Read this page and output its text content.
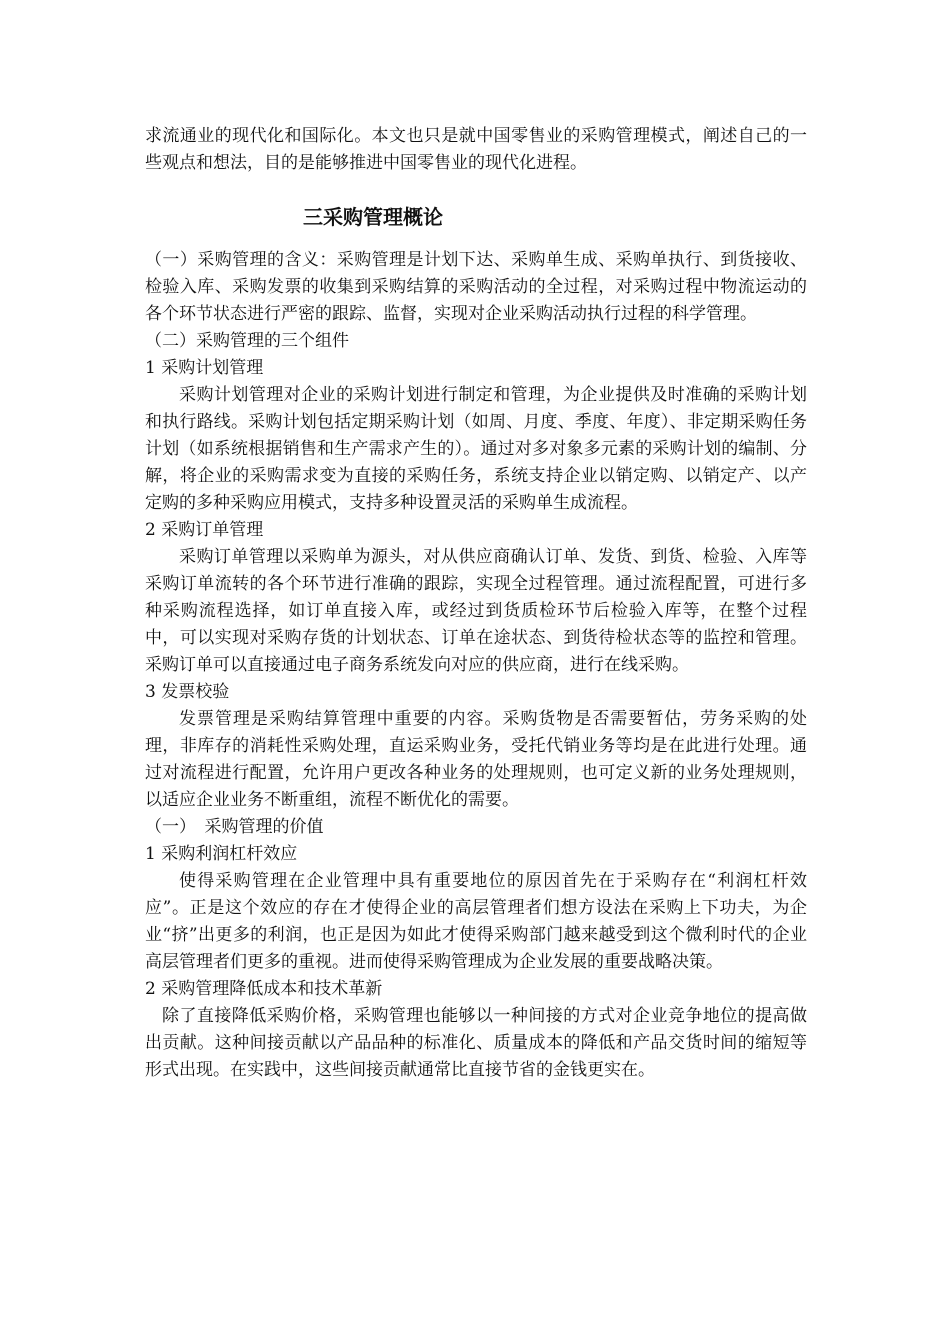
求流通业的现代化和国际化。本文也只是就中国零售业的采购管理模式，阐述自己的一些观点和想法，目的是能够推进中国零售业的现代化进程。

三采购管理概论

（一）采购管理的含义：采购管理是计划下达、采购单生成、采购单执行、到货接收、检验入库、采购发票的收集到采购结算的采购活动的全过程，对采购过程中物流运动的各个环节状态进行严密的跟踪、监督，实现对企业采购活动执行过程的科学管理。

（二）采购管理的三个组件

1 采购计划管理

采购计划管理对企业的采购计划进行制定和管理，为企业提供及时准确的采购计划和执行路线。采购计划包括定期采购计划（如周、月度、季度、年度）、非定期采购任务计划（如系统根据销售和生产需求产生的）。通过对多对象多元素的采购计划的编制、分解，将企业的采购需求变为直接的采购任务，系统支持企业以销定购、以销定产、以产定购的多种采购应用模式，支持多种设置灵活的采购单生成流程。

2 采购订单管理

采购订单管理以采购单为源头，对从供应商确认订单、发货、到货、检验、入库等采购订单流转的各个环节进行准确的跟踪，实现全过程管理。通过流程配置，可进行多种采购流程选择，如订单直接入库，或经过到货质检环节后检验入库等，在整个过程中，可以实现对采购存货的计划状态、订单在途状态、到货待检状态等的监控和管理。采购订单可以直接通过电子商务系统发向对应的供应商，进行在线采购。

3 发票校验

发票管理是采购结算管理中重要的内容。采购货物是否需要暂估，劳务采购的处理，非库存的消耗性采购处理，直运采购业务，受托代销业务等均是在此进行处理。通过对流程进行配置，允许用户更改各种业务的处理规则，也可定义新的业务处理规则，以适应企业业务不断重组，流程不断优化的需要。

（一）　采购管理的价值

1 采购利润杠杆效应

使得采购管理在企业管理中具有重要地位的原因首先在于采购存在“利润杠杆效应”。正是这个效应的存在才使得企业的高层管理者们想方设法在采购上下功夫，为企业“挤”出更多的利润，也正是因为如此才使得采购部门越来越受到这个微利时代的企业高层管理者们更多的重视。进而使得采购管理成为企业发展的重要战略决策。

2 采购管理降低成本和技术革新

除了直接降低采购价格，采购管理也能够以一种间接的方式对企业竞争地位的提高做出贡献。这种间接贡献以产品品种的标准化、质量成本的降低和产品交货时间的缩短等形式出现。在实践中，这些间接贡献通常比直接节省的金钱更实在。
